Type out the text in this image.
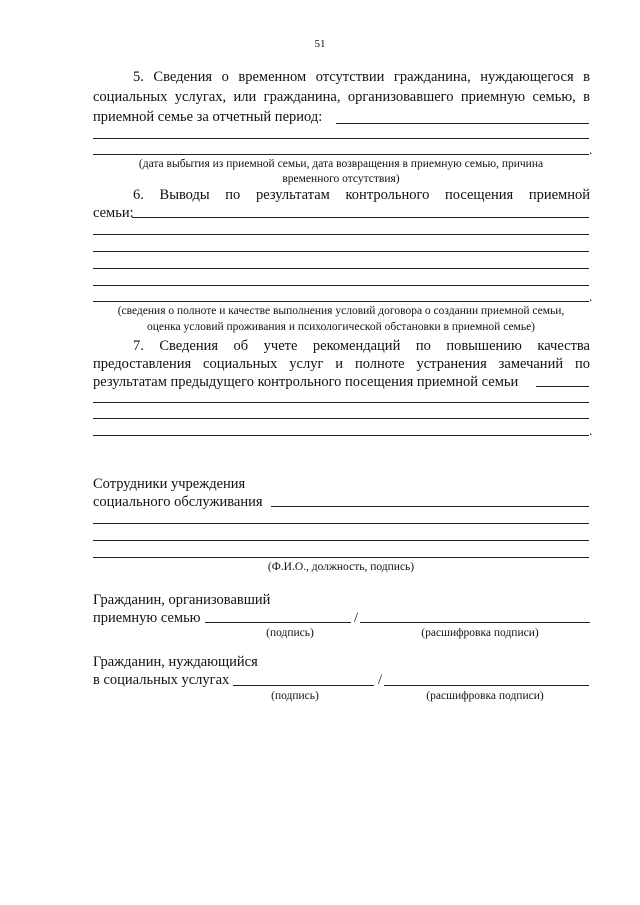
51
5. Сведения о временном отсутствии гражданина, нуждающегося в
социальных услугах, или гражданина, организовавшего приемную семью, в
приемной семье за отчетный период:
.
(дата выбытия из приемной семьи, дата возвращения в приемную семью, причина
временного отсутствия)
6. Выводы по результатам контрольного посещения приемной
семьи:
.
(сведения о полноте и качестве выполнения условий договора о создании приемной семьи,
оценка условий проживания и психологической обстановки в приемной семье)
7. Сведения об учете рекомендаций по повышению качества
предоставления социальных услуг и полноте устранения замечаний по
результатам предыдущего контрольного посещения приемной семьи
.
Сотрудники учреждения
социального обслуживания
(Ф.И.О., должность, подпись)
Гражданин, организовавший
приемную семью	/
(подпись)	(расшифровка подписи)
Гражданин, нуждающийся
в социальных услугах	/
(подпись)	(расшифровка подписи)
